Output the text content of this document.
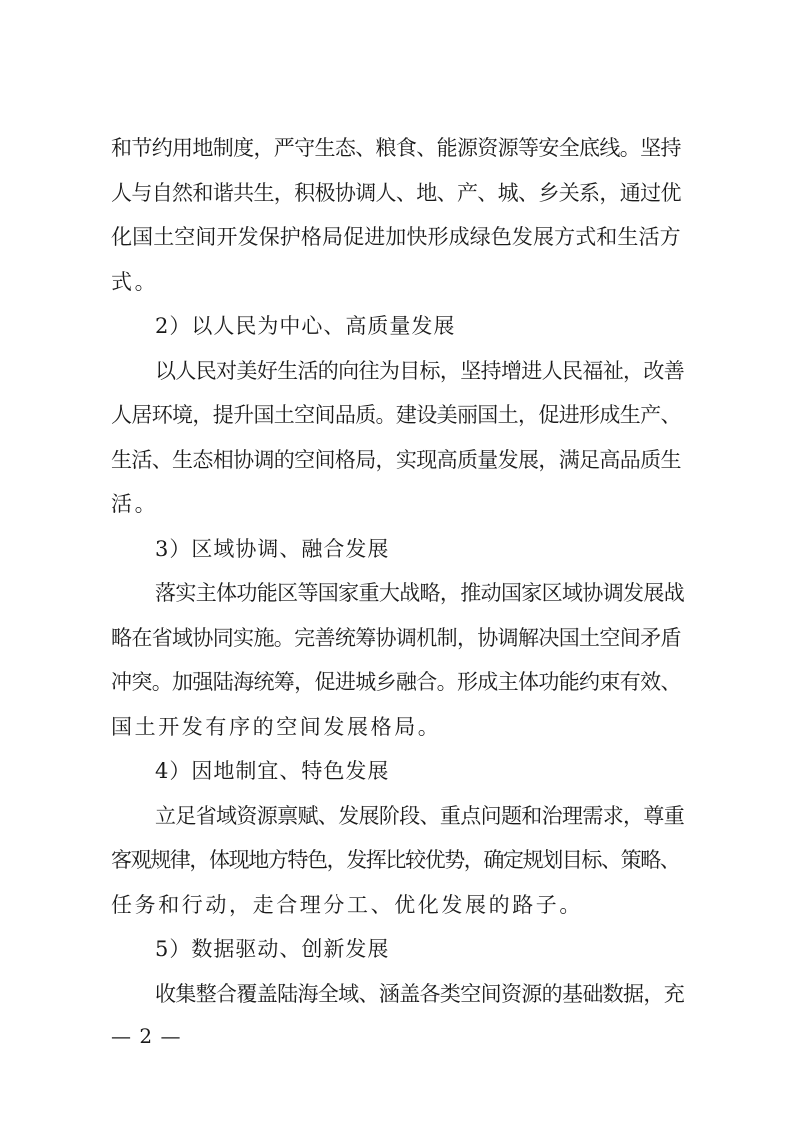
和节约用地制度，严守生态、粮食、能源资源等安全底线。坚持
人与自然和谐共生，积极协调人、地、产、城、乡关系，通过优
化国土空间开发保护格局促进加快形成绿色发展方式和生活方
式。
2）以人民为中心、高质量发展
以人民对美好生活的向往为目标，坚持增进人民福祉，改善
人居环境，提升国土空间品质。建设美丽国土，促进形成生产、
生活、生态相协调的空间格局，实现高质量发展，满足高品质生
活。
3）区域协调、融合发展
落实主体功能区等国家重大战略，推动国家区域协调发展战
略在省域协同实施。完善统筹协调机制，协调解决国土空间矛盾
冲突。加强陆海统筹，促进城乡融合。形成主体功能约束有效、
国土开发有序的空间发展格局。
4）因地制宜、特色发展
立足省域资源禀赋、发展阶段、重点问题和治理需求，尊重
客观规律，体现地方特色，发挥比较优势，确定规划目标、策略、
任务和行动，走合理分工、优化发展的路子。
5）数据驱动、创新发展
收集整合覆盖陆海全域、涵盖各类空间资源的基础数据，充
— 2 —
